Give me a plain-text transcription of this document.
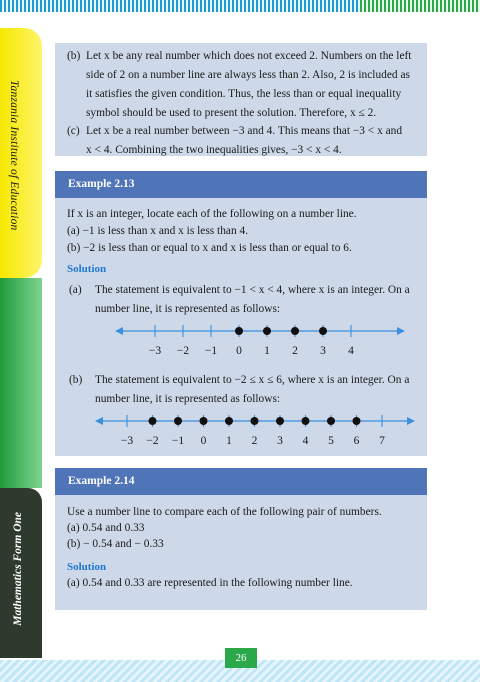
Tanzania Institute of Education
Mathematics Form One
(b) Let x be any real number which does not exceed 2. Numbers on the left
side of 2 on a number line are always less than 2. Also, 2 is included as
it satisfies the given condition. Thus, the less than or equal inequality
symbol should be used to present the solution. Therefore, x ≤ 2.
(c) Let x be a real number between −3 and 4. This means that −3 < x and
x < 4. Combining the two inequalities gives, −3 < x < 4.
Example 2.13
If x is an integer, locate each of the following on a number line.
(a) −1 is less than x and x is less than 4.
(b) −2 is less than or equal to x and x is less than or equal to 6.
Solution
(a) The statement is equivalent to −1 < x < 4, where x is an integer. On a
number line, it is represented as follows:
−3 −2 −1 0 1 2 3 4
(b) The statement is equivalent to −2 ≤ x ≤ 6, where x is an integer. On a
number line, it is represented as follows:
−3 −2 −1 0 1 2 3 4 5 6 7
Example 2.14
Use a number line to compare each of the following pair of numbers.
(a) 0.54 and 0.33
(b) − 0.54 and − 0.33
Solution
(a) 0.54 and 0.33 are represented in the following number line.
26
